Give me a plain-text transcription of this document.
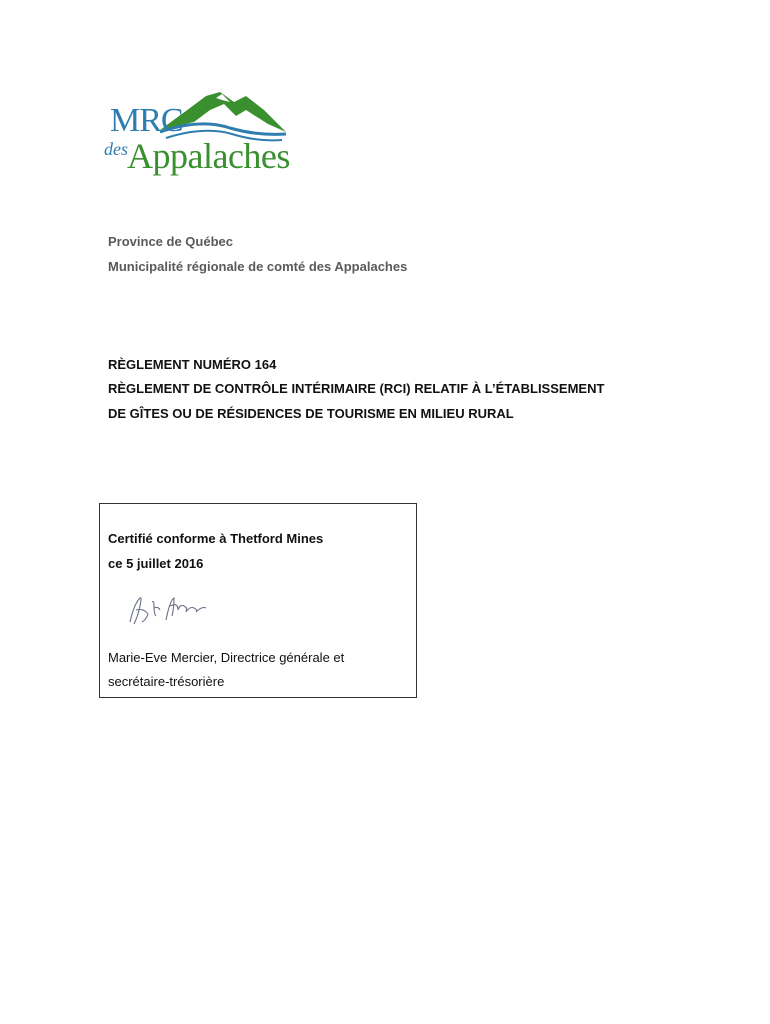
MRC
des Appalaches
Province de Québec
Municipalité régionale de comté des Appalaches
RÈGLEMENT NUMÉRO 164
RÈGLEMENT DE CONTRÔLE INTÉRIMAIRE (RCI) RELATIF À L’ÉTABLISSEMENT
DE GÎTES OU DE RÉSIDENCES DE TOURISME EN MILIEU RURAL
Certifié conforme à Thetford Mines
ce 5 juillet 2016
Marie-Eve Mercier, Directrice générale et
secrétaire-trésorière
